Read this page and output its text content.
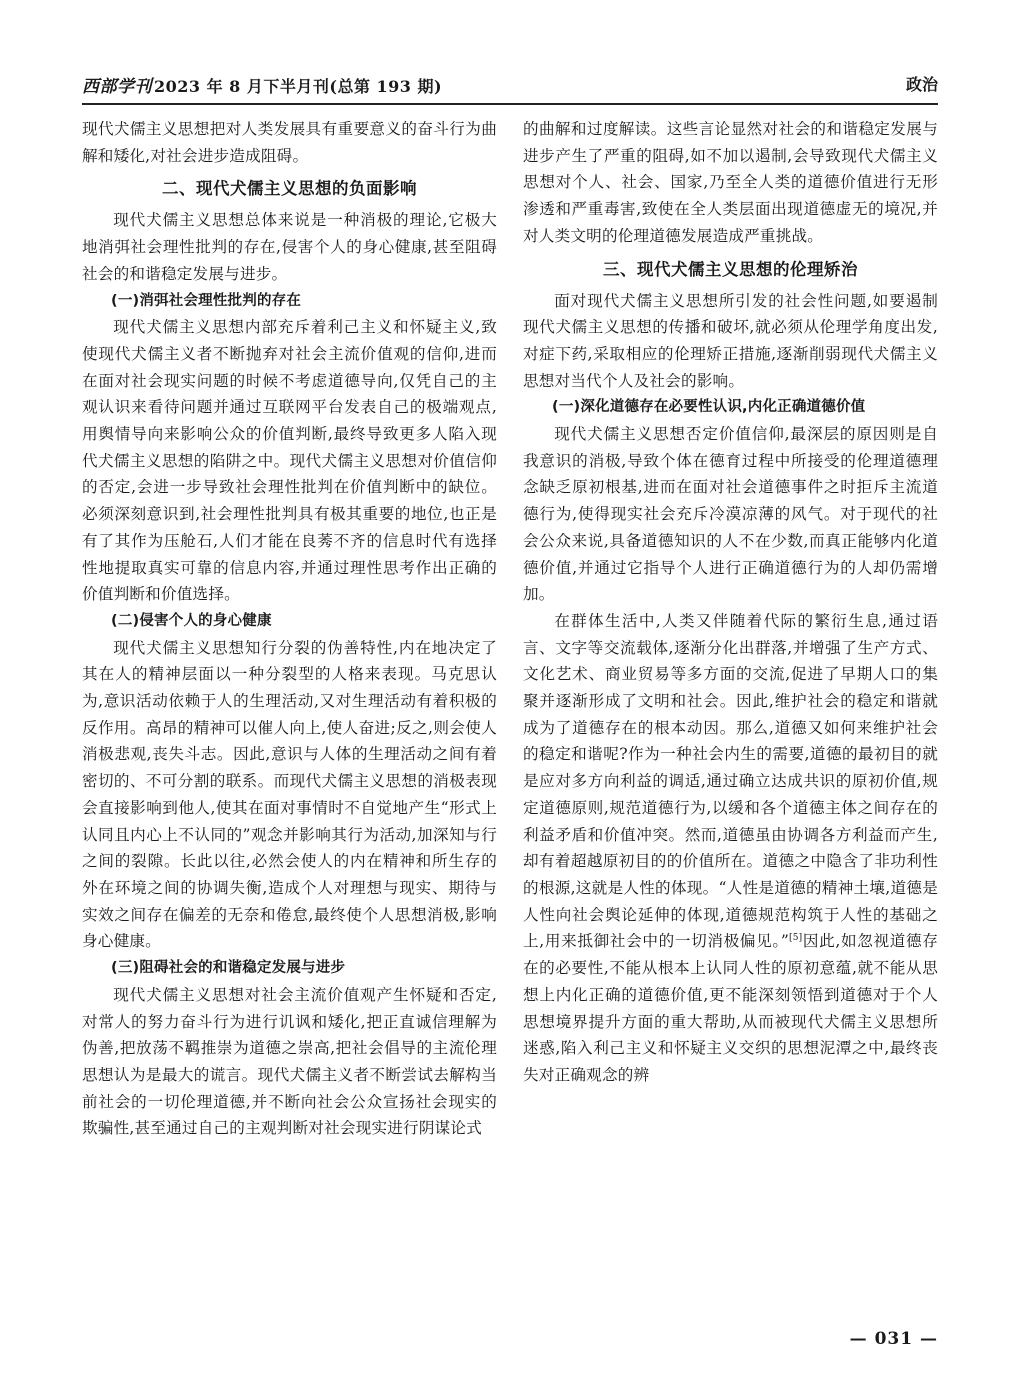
西部学刊 2023 年 8 月下半月刊(总第 193 期)	政治

现代犬儒主义思想把对人类发展具有重要意义的奋斗行为曲解和矮化,对社会进步造成阻碍。

二、现代犬儒主义思想的负面影响

现代犬儒主义思想总体来说是一种消极的理论,它极大地消弭社会理性批判的存在,侵害个人的身心健康,甚至阻碍社会的和谐稳定发展与进步。

(一)消弭社会理性批判的存在

现代犬儒主义思想内部充斥着利己主义和怀疑主义,致使现代犬儒主义者不断抛弃对社会主流价值观的信仰,进而在面对社会现实问题的时候不考虑道德导向,仅凭自己的主观认识来看待问题并通过互联网平台发表自己的极端观点,用舆情导向来影响公众的价值判断,最终导致更多人陷入现代犬儒主义思想的陷阱之中。现代犬儒主义思想对价值信仰的否定,会进一步导致社会理性批判在价值判断中的缺位。必须深刻意识到,社会理性批判具有极其重要的地位,也正是有了其作为压舱石,人们才能在良莠不齐的信息时代有选择性地提取真实可靠的信息内容,并通过理性思考作出正确的价值判断和价值选择。

(二)侵害个人的身心健康

现代犬儒主义思想知行分裂的伪善特性,内在地决定了其在人的精神层面以一种分裂型的人格来表现。马克思认为,意识活动依赖于人的生理活动,又对生理活动有着积极的反作用。高昂的精神可以催人向上,使人奋进;反之,则会使人消极悲观,丧失斗志。因此,意识与人体的生理活动之间有着密切的、不可分割的联系。而现代犬儒主义思想的消极表现会直接影响到他人,使其在面对事情时不自觉地产生“形式上认同且内心上不认同的”观念并影响其行为活动,加深知与行之间的裂隙。长此以往,必然会使人的内在精神和所生存的外在环境之间的协调失衡,造成个人对理想与现实、期待与实效之间存在偏差的无奈和倦怠,最终使个人思想消极,影响身心健康。

(三)阻碍社会的和谐稳定发展与进步

现代犬儒主义思想对社会主流价值观产生怀疑和否定,对常人的努力奋斗行为进行讥讽和矮化,把正直诚信理解为伪善,把放荡不羁推崇为道德之崇高,把社会倡导的主流伦理思想认为是最大的谎言。现代犬儒主义者不断尝试去解构当前社会的一切伦理道德,并不断向社会公众宣扬社会现实的欺骗性,甚至通过自己的主观判断对社会现实进行阴谋论式

的曲解和过度解读。这些言论显然对社会的和谐稳定发展与进步产生了严重的阻碍,如不加以遏制,会导致现代犬儒主义思想对个人、社会、国家,乃至全人类的道德价值进行无形渗透和严重毒害,致使在全人类层面出现道德虚无的境况,并对人类文明的伦理道德发展造成严重挑战。

三、现代犬儒主义思想的伦理矫治

面对现代犬儒主义思想所引发的社会性问题,如要遏制现代犬儒主义思想的传播和破坏,就必须从伦理学角度出发,对症下药,采取相应的伦理矫正措施,逐渐削弱现代犬儒主义思想对当代个人及社会的影响。

(一)深化道德存在必要性认识,内化正确道德价值

现代犬儒主义思想否定价值信仰,最深层的原因则是自我意识的消极,导致个体在德育过程中所接受的伦理道德理念缺乏原初根基,进而在面对社会道德事件之时拒斥主流道德行为,使得现实社会充斥冷漠凉薄的风气。对于现代的社会公众来说,具备道德知识的人不在少数,而真正能够内化道德价值,并通过它指导个人进行正确道德行为的人却仍需增加。

在群体生活中,人类又伴随着代际的繁衍生息,通过语言、文字等交流载体,逐渐分化出群落,并增强了生产方式、文化艺术、商业贸易等多方面的交流,促进了早期人口的集聚并逐渐形成了文明和社会。因此,维护社会的稳定和谐就成为了道德存在的根本动因。那么,道德又如何来维护社会的稳定和谐呢?作为一种社会内生的需要,道德的最初目的就是应对多方向利益的调适,通过确立达成共识的原初价值,规定道德原则,规范道德行为,以缓和各个道德主体之间存在的利益矛盾和价值冲突。然而,道德虽由协调各方利益而产生,却有着超越原初目的的价值所在。道德之中隐含了非功利性的根源,这就是人性的体现。“人性是道德的精神土壤,道德是人性向社会舆论延伸的体现,道德规范构筑于人性的基础之上,用来抵御社会中的一切消极偏见。”[5]因此,如忽视道德存在的必要性,不能从根本上认同人性的原初意蕴,就不能从思想上内化正确的道德价值,更不能深刻领悟到道德对于个人思想境界提升方面的重大帮助,从而被现代犬儒主义思想所迷惑,陷入利己主义和怀疑主义交织的思想泥潭之中,最终丧失对正确观念的辨

— 031 —
